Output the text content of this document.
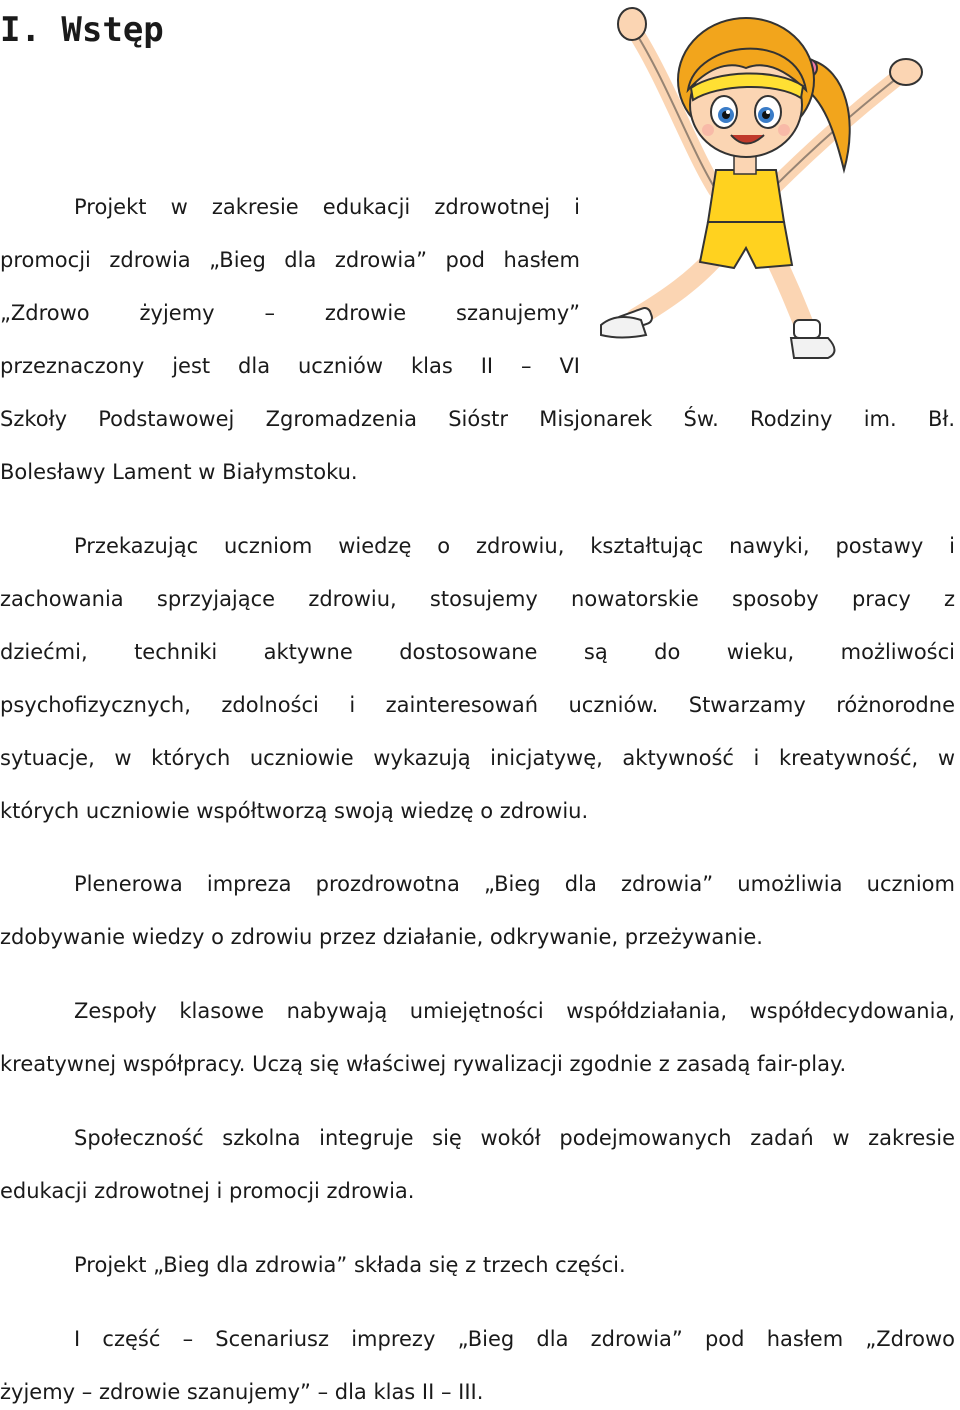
I. Wstęp

Projekt w zakresie edukacji zdrowotnej i

promocji zdrowia „Bieg dla zdrowia” pod hasłem

„Zdrowo żyjemy – zdrowie szanujemy”

przeznaczony jest dla uczniów klas II – VI

Szkoły Podstawowej Zgromadzenia Sióstr Misjonarek Św. Rodziny im. Bł.

Bolesławy Lament w Białymstoku.

Przekazując uczniom wiedzę o zdrowiu, kształtując nawyki, postawy i

zachowania sprzyjające zdrowiu, stosujemy nowatorskie sposoby pracy z

dziećmi, techniki aktywne dostosowane są do wieku, możliwości

psychofizycznych, zdolności i zainteresowań uczniów. Stwarzamy różnorodne

sytuacje, w których uczniowie wykazują inicjatywę, aktywność i kreatywność, w

których uczniowie współtworzą swoją wiedzę o zdrowiu.

Plenerowa impreza prozdrowotna „Bieg dla zdrowia” umożliwia uczniom

zdobywanie wiedzy o zdrowiu przez działanie, odkrywanie, przeżywanie.

Zespoły klasowe nabywają umiejętności współdziałania, współdecydowania,

kreatywnej współpracy. Uczą się właściwej rywalizacji zgodnie z zasadą fair-play.

Społeczność szkolna integruje się wokół podejmowanych zadań w zakresie

edukacji zdrowotnej i promocji zdrowia.

Projekt „Bieg dla zdrowia” składa się z trzech części.

I część – Scenariusz imprezy „Bieg dla zdrowia” pod hasłem „Zdrowo

żyjemy – zdrowie szanujemy” – dla klas II – III.
